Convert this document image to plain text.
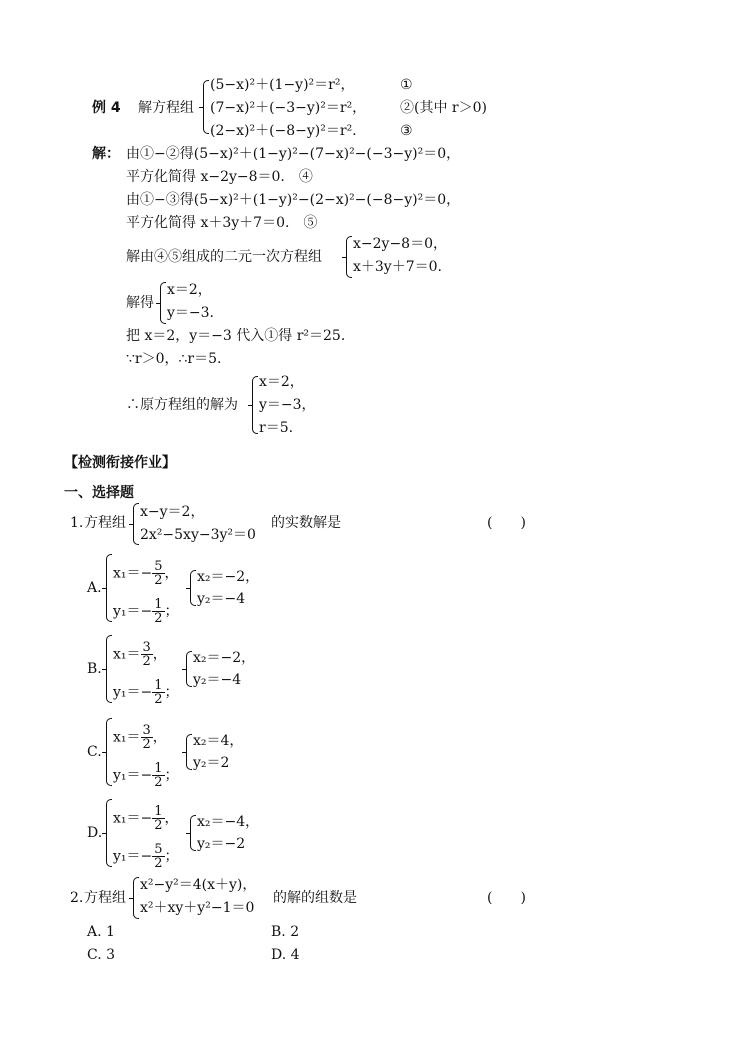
例 4 解方程组
(5−x)²＋(1−y)²＝r²，
(7−x)²＋(−3−y)²＝r²，
(2−x)²＋(−8−y)²＝r².
①
②(其中 r＞0)
③
解： 由①−②得(5−x)²＋(1−y)²−(7−x)²−(−3−y)²＝0，
平方化简得 x−2y−8＝0.　④
由①−③得(5−x)²＋(1−y)²−(2−x)²−(−8−y)²＝0，
平方化简得 x＋3y＋7＝0.　⑤
解由④⑤组成的二元一次方程组
x−2y−8＝0，
x＋3y＋7＝0.
解得
x＝2，
y＝−3.
把 x＝2，y＝−3 代入①得 r²＝25.
∵r＞0，∴r＝5.
∴原方程组的解为
x＝2，
y＝−3，
r＝5.
【检测衔接作业】
一、选择题
1. 方程组
x−y＝2，
2x²−5xy−3y²＝0
的实数解是	(　　)
A.
$x_1=- \frac{5}{2}$ ，
$y_1=- \frac{1}{2}$ ；
x₂＝−2，
y₂＝−4
B.
$x_1= \frac{3}{2}$ ，
$y_1=- \frac{1}{2}$ ；
x₂＝−2，
y₂＝−4
C.
$x_1= \frac{3}{2}$ ，
$y_1=- \frac{1}{2}$ ；
x₂＝4，
y₂＝2
D.
$x_1=- \frac{1}{2}$ ，
$y_1=- \frac{5}{2}$ ；
x₂＝−4，
y₂＝−2
2. 方程组
x²−y²＝4(x＋y)，
x²＋xy＋y²−1＝0
的解的组数是	(　　)
A. 1	B. 2
C. 3	D. 4
